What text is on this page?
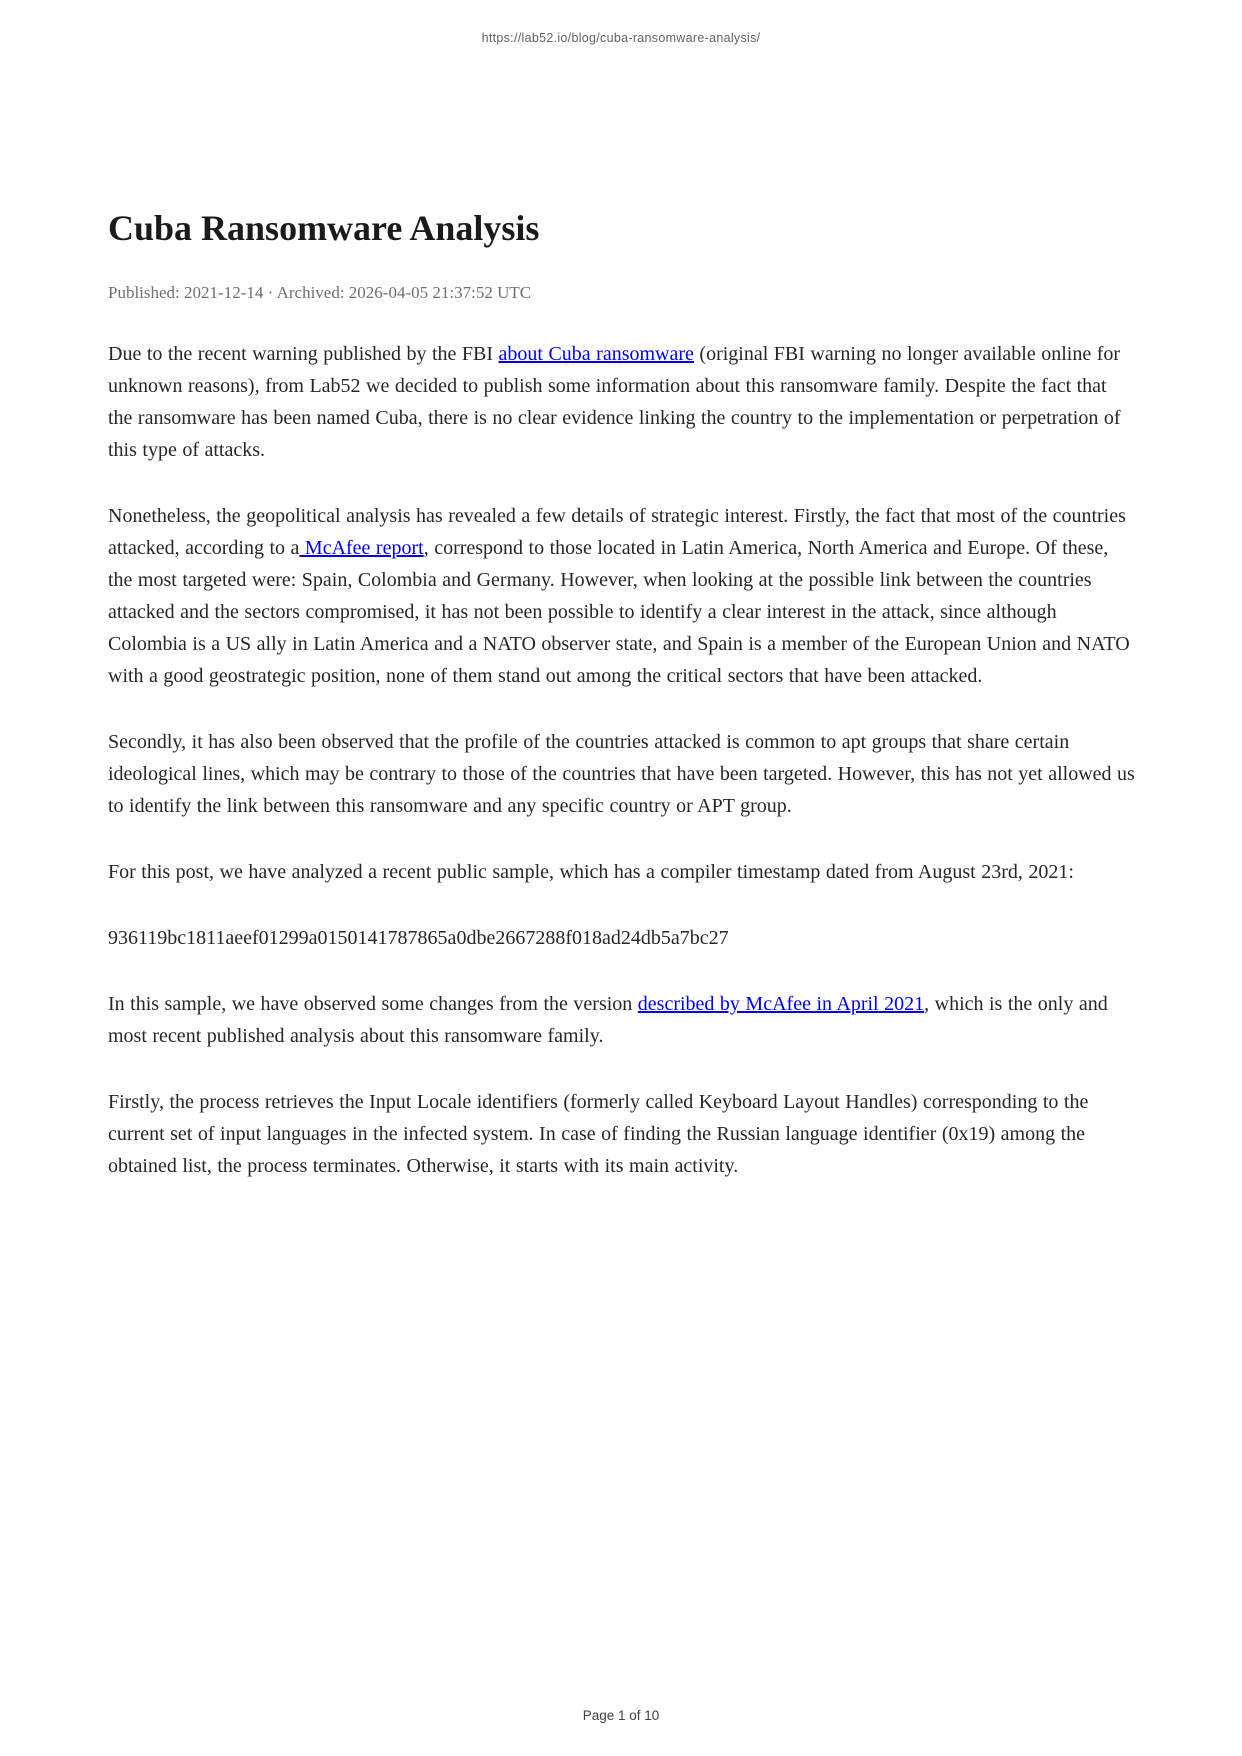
https://lab52.io/blog/cuba-ransomware-analysis/
Cuba Ransomware Analysis

Published: 2021-12-14 · Archived: 2026-04-05 21:37:52 UTC

Due to the recent warning published by the FBI about Cuba ransomware (original FBI warning no longer available online for unknown reasons), from Lab52 we decided to publish some information about this ransomware family. Despite the fact that the ransomware has been named Cuba, there is no clear evidence linking the country to the implementation or perpetration of this type of attacks.

Nonetheless, the geopolitical analysis has revealed a few details of strategic interest. Firstly, the fact that most of the countries attacked, according to a McAfee report, correspond to those located in Latin America, North America and Europe. Of these, the most targeted were: Spain, Colombia and Germany. However, when looking at the possible link between the countries attacked and the sectors compromised, it has not been possible to identify a clear interest in the attack, since although Colombia is a US ally in Latin America and a NATO observer state, and Spain is a member of the European Union and NATO with a good geostrategic position, none of them stand out among the critical sectors that have been attacked.

Secondly, it has also been observed that the profile of the countries attacked is common to apt groups that share certain ideological lines, which may be contrary to those of the countries that have been targeted. However, this has not yet allowed us to identify the link between this ransomware and any specific country or APT group.

For this post, we have analyzed a recent public sample, which has a compiler timestamp dated from August 23rd, 2021:

936119bc1811aeef01299a0150141787865a0dbe2667288f018ad24db5a7bc27

In this sample, we have observed some changes from the version described by McAfee in April 2021, which is the only and most recent published analysis about this ransomware family.

Firstly, the process retrieves the Input Locale identifiers (formerly called Keyboard Layout Handles) corresponding to the current set of input languages in the infected system. In case of finding the Russian language identifier (0x19) among the obtained list, the process terminates. Otherwise, it starts with its main activity.

Page 1 of 10
